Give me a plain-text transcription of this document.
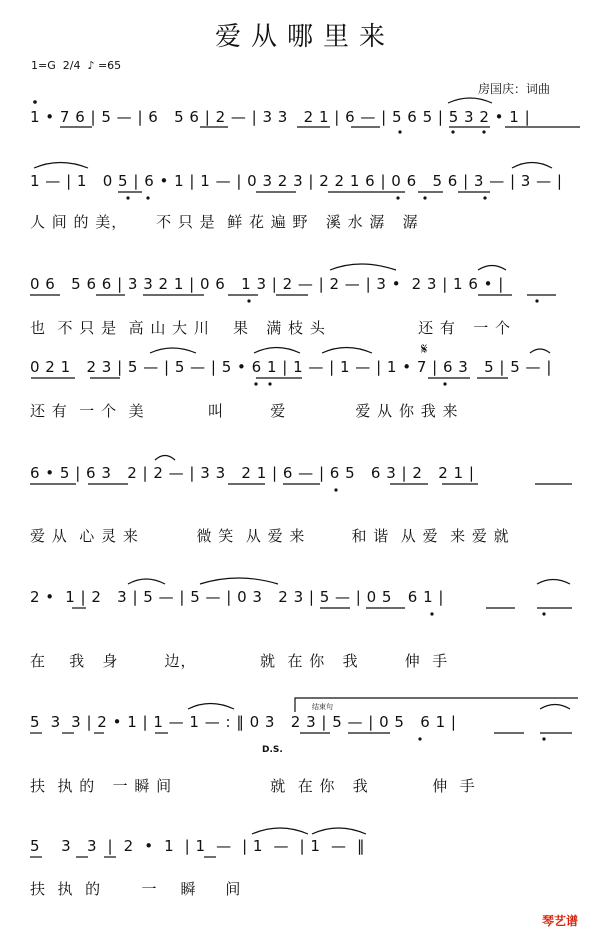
爱从哪里来
1=G 2/4 ♪ =65
房国庆：词曲
1 • 7 6 | 5 — | 6   5 6 | 2 — | 3 3   2 1 | 6 — | 5 6 5 | 5 3 2 • 1 |
1 — | 1   0 5 | 6 • 1 | 1 — | 0 3 2 3 | 2 2 1 6 | 0 6   5 6 | 3 — | 3 — |
人 间 的 美，     不 只 是  鲜 花 遍 野   溪 水 潺   潺
0 6   5 6 6 | 3 3 2 1 | 0 6   1 3 | 2 — | 2 — | 3 •  2 3 | 1 6 • |
也  不 只 是  高 山 大 川    果   满 枝 头                还 有   一 个
0 2 1   2 3 | 5 — | 5 — | 5 • 6 1 | 1 — | 1 — | 1 • 7 | 6 3   5 | 5 — |
还 有  一 个  美           叫        爱            爱 从 你 我 来
6 • 5 | 6 3   2 | 2 — | 3 3   2 1 | 6 — | 6 5   6 3 | 2   2 1 |
爱 从  心 灵 来          微 笑  从 爱 来        和 谐  从 爱  来 爱 就
2 •  1 | 2   3 | 5 — | 5 — | 0 3   2 3 | 5 — | 0 5   6 1 |
在    我   身        边，           就  在 你   我        伸  手
5  3  3 | 2 • 1 | 1 — 1 — : ‖ 0 3   2 3 | 5 — | 0 5   6 1 |
扶  执 的   一 瞬 间                 就  在 你   我           伸  手
5    3   3  |  2  •  1  | 1  —  | 1  —  | 1  —  ‖
扶  执  的       一    瞬     间
结束句
D.S.
𝄋
琴艺谱
